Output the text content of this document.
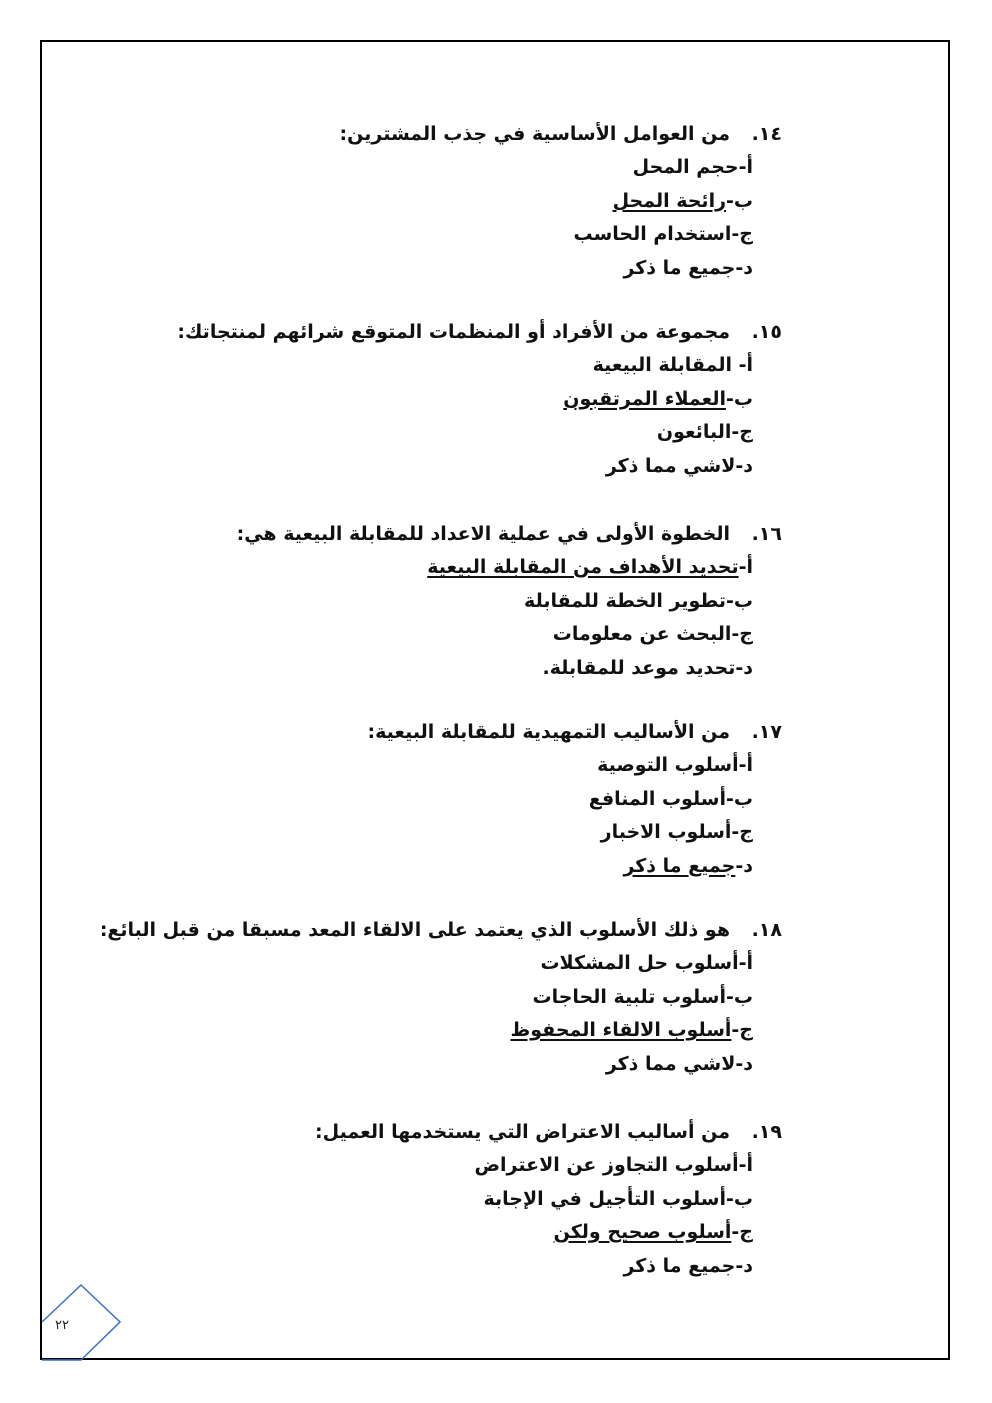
١٤.
من العوامل الأساسية في جذب المشترين:
أ-حجم المحل
ب-رائحة المحل
ج-استخدام الحاسب
د-جميع ما ذكر
١٥.
مجموعة من الأفراد أو المنظمات المتوقع شرائهم لمنتجاتك:
أ- المقابلة البيعية
ب-العملاء المرتقبون
ج-البائعون
د-لاشي مما ذكر
١٦.
الخطوة الأولى في عملية الاعداد للمقابلة البيعية هي:
أ-تحديد الأهداف من المقابلة البيعية
ب-تطوير الخطة للمقابلة
ج-البحث عن معلومات
د-تحديد موعد للمقابلة.
١٧.
من الأساليب التمهيدية للمقابلة البيعية:
أ-أسلوب التوصية
ب-أسلوب المنافع
ج-أسلوب الاخبار
د-جميع ما ذكر
١٨.
هو ذلك الأسلوب الذي يعتمد على الالقاء المعد مسبقا من قبل البائع:
أ-أسلوب حل المشكلات
ب-أسلوب تلبية الحاجات
ج-أسلوب الالقاء المحفوظ
د-لاشي مما ذكر
١٩.
من أساليب الاعتراض التي يستخدمها العميل:
أ-أسلوب التجاوز عن الاعتراض
ب-أسلوب التأجيل في الإجابة
ج-أسلوب صحيح ولكن
د-جميع ما ذكر
٢٢
